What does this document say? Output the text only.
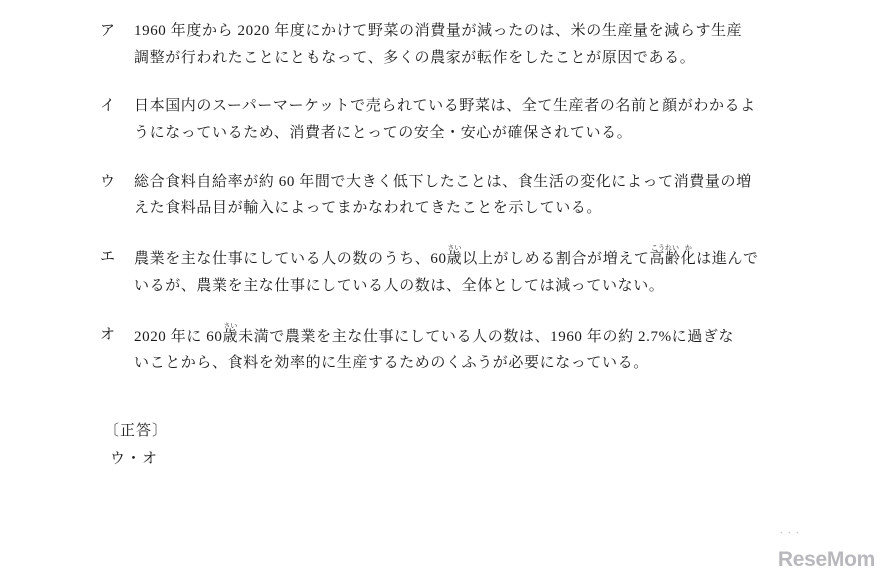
ア	1960 年度から 2020 年度にかけて野菜の消費量が減ったのは、米の生産量を減らす生産
調整が行われたことにともなって、多くの農家が転作をしたことが原因である。
イ	日本国内のスーパーマーケットで売られている野菜は、全て生産者の名前と顔がわかるよ
うになっているため、消費者にとっての安全・安心が確保されている。
ウ	総合食料自給率が約 60 年間で大きく低下したことは、食生活の変化によって消費量の増
えた食料品目が輸入によってまかなわれてきたことを示している。
エ	農業を主な仕事にしている人の数のうち、60歳さい以上がしめる割合が増えて高齢こうれい化かは進んで
いるが、農業を主な仕事にしている人の数は、全体としては減っていない。
オ	2020 年に 60歳さい未満で農業を主な仕事にしている人の数は、1960 年の約 2.7%に過ぎな
いことから、食料を効率的に生産するためのくふうが必要になっている。
〔正答〕
ウ・オ
・・・
ReseMom
